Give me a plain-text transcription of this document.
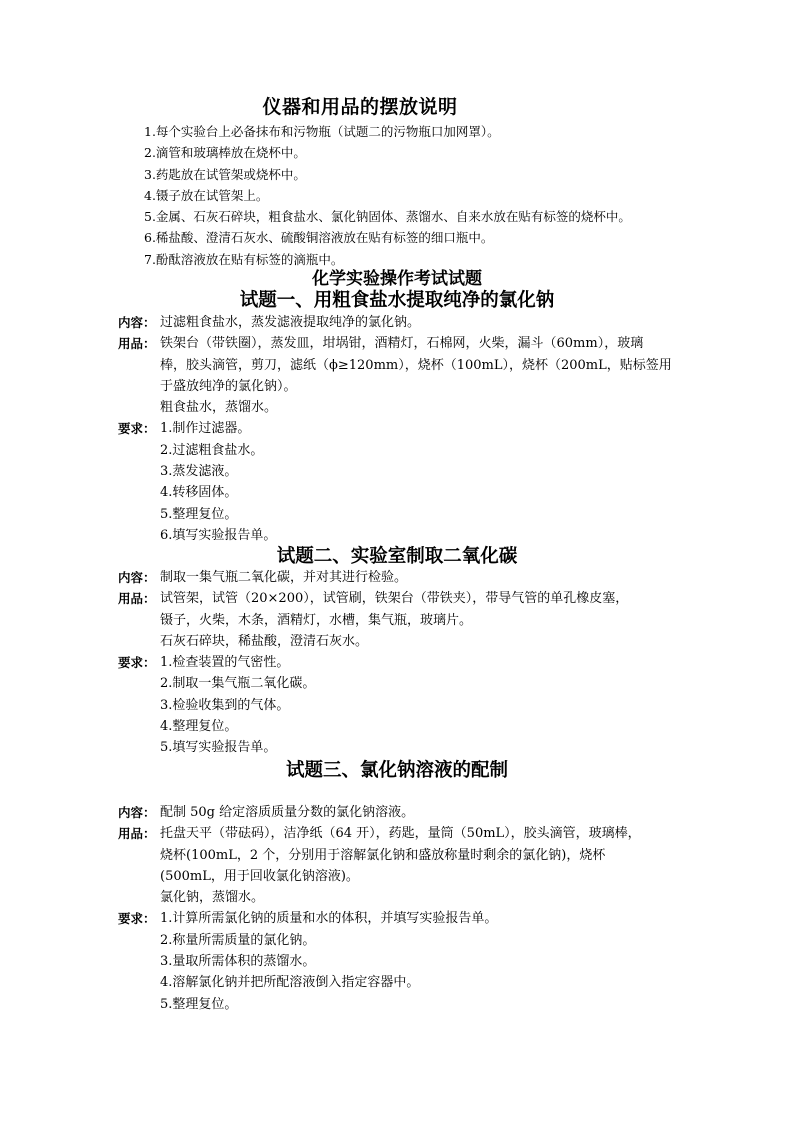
仪器和用品的摆放说明
1.每个实验台上必备抹布和污物瓶（试题二的污物瓶口加网罩）。
2.滴管和玻璃棒放在烧杯中。
3.药匙放在试管架或烧杯中。
4.镊子放在试管架上。
5.金属、石灰石碎块，粗食盐水、氯化钠固体、蒸馏水、自来水放在贴有标签的烧杯中。
6.稀盐酸、澄清石灰水、硫酸铜溶液放在贴有标签的细口瓶中。
7.酚酞溶液放在贴有标签的滴瓶中。
化学实验操作考试试题
试题一、用粗食盐水提取纯净的氯化钠
内容： 过滤粗食盐水，蒸发滤液提取纯净的氯化钠。
用品： 铁架台（带铁圈），蒸发皿，坩埚钳，酒精灯，石棉网，火柴，漏斗（60mm），玻璃
棒，胶头滴管，剪刀，滤纸（ϕ≥120mm），烧杯（100mL），烧杯（200mL，贴标签用
于盛放纯净的氯化钠）。
粗食盐水，蒸馏水。
要求： 1.制作过滤器。
2.过滤粗食盐水。
3.蒸发滤液。
4.转移固体。
5.整理复位。
6.填写实验报告单。
试题二、实验室制取二氧化碳
内容： 制取一集气瓶二氧化碳，并对其进行检验。
用品： 试管架，试管（20×200），试管刷，铁架台（带铁夹），带导气管的单孔橡皮塞，
镊子，火柴，木条，酒精灯，水槽，集气瓶，玻璃片。
石灰石碎块，稀盐酸，澄清石灰水。
要求： 1.检查装置的气密性。
2.制取一集气瓶二氧化碳。
3.检验收集到的气体。
4.整理复位。
5.填写实验报告单。
试题三、氯化钠溶液的配制
内容： 配制 50g 给定溶质质量分数的氯化钠溶液。
用品： 托盘天平（带砝码），洁净纸（64 开），药匙，量筒（50mL），胶头滴管，玻璃棒，
烧杯(100mL，2 个，分别用于溶解氯化钠和盛放称量时剩余的氯化钠)，烧杯
(500mL，用于回收氯化钠溶液)。
氯化钠，蒸馏水。
要求： 1.计算所需氯化钠的质量和水的体积，并填写实验报告单。
2.称量所需质量的氯化钠。
3.量取所需体积的蒸馏水。
4.溶解氯化钠并把所配溶液倒入指定容器中。
5.整理复位。
